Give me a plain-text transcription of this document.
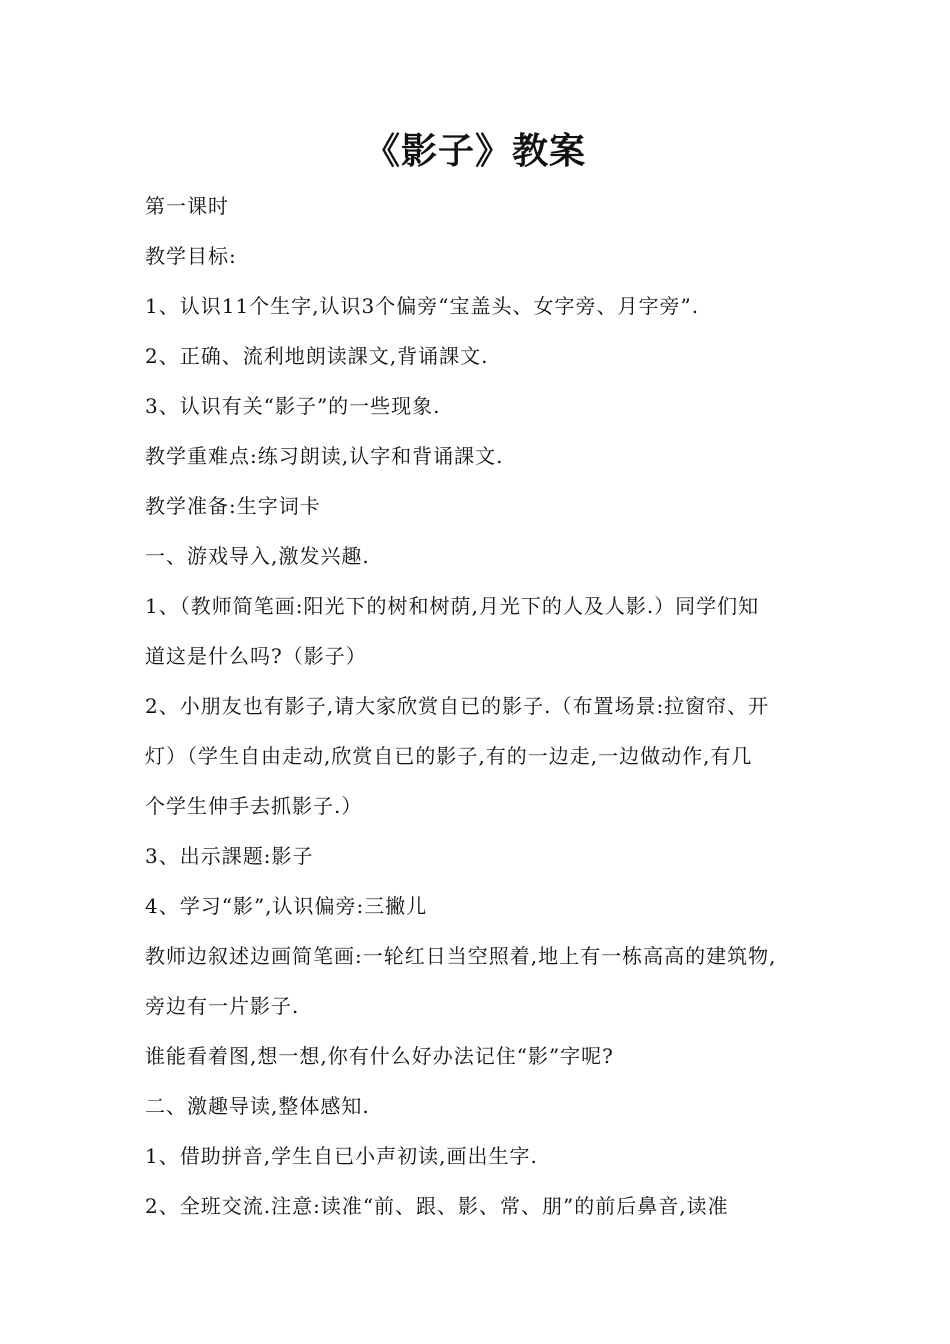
《影子》教案
第一课时
教学目标:
1、认识11个生字,认识3个偏旁“宝盖头、女字旁、月字旁”.
2、正确、流利地朗读課文,背诵課文.
3、认识有关“影子”的一些现象.
教学重难点:练习朗读,认字和背诵課文.
教学准备:生字词卡
一、游戏导入,激发兴趣.
1、（教师简笔画:阳光下的树和树荫,月光下的人及人影.）同学们知
道这是什么吗?（影子）
2、小朋友也有影子,请大家欣赏自已的影子.（布置场景:拉窗帘、开
灯）（学生自由走动,欣赏自已的影子,有的一边走,一边做动作,有几
个学生伸手去抓影子.）
3、出示課题:影子
4、学习“影”,认识偏旁:三撇儿
教师边叙述边画简笔画:一轮红日当空照着,地上有一栋高高的建筑物,
旁边有一片影子.
谁能看着图,想一想,你有什么好办法记住“影”字呢?
二、激趣导读,整体感知.
1、借助拼音,学生自已小声初读,画出生字.
2、全班交流.注意:读准“前、跟、影、常、朋”的前后鼻音,读准
